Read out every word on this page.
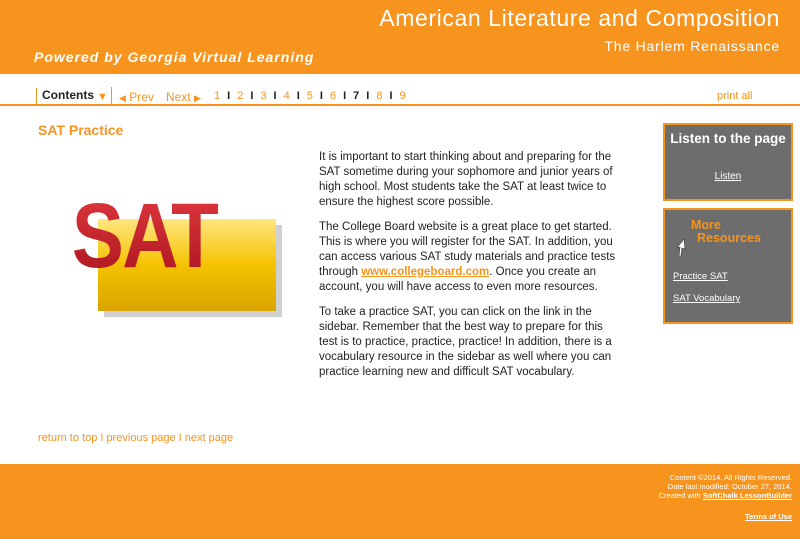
American Literature and Composition
The Harlem Renaissance
Powered by Georgia Virtual Learning
Contents ▼ ◀ Prev Next ▶ 1 I 2 I 3 I 4 I 5 I 6 I 7 I 8 I 9	print all
SAT Practice
SAT

It is important to start thinking about and preparing for the SAT sometime during your sophomore and junior years of high school. Most students take the SAT at least twice to ensure the highest score possible.

The College Board website is a great place to get started. This is where you will register for the SAT. In addition, you can access various SAT study materials and practice tests through www.collegeboard.com. Once you create an account, you will have access to even more resources.

To take a practice SAT, you can click on the link in the sidebar. Remember that the best way to prepare for this test is to practice, practice, practice! In addition, there is a vocabulary resource in the sidebar as well where you can practice learning new and difficult SAT vocabulary.

return to top I previous page I next page
Listen to the page
Listen
More
Resources
Practice SAT
SAT Vocabulary
Content ©2014. All Rights Reserved.
Date last modified: October 27, 2014.
Created with SoftChalk LessonBuilder
Terms of Use
